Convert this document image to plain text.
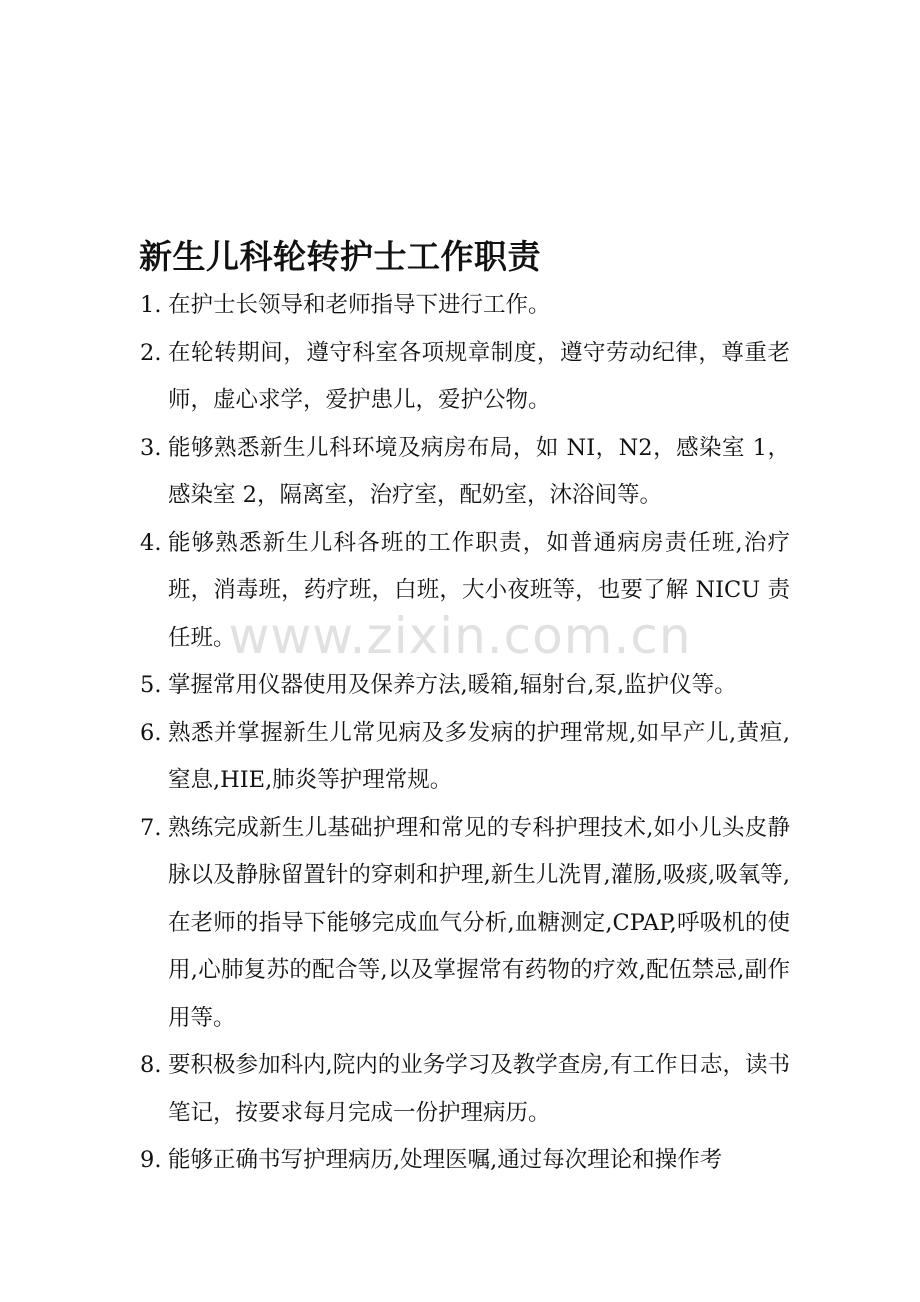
新生儿科轮转护士工作职责
1. 在护士长领导和老师指导下进行工作。
2. 在轮转期间，遵守科室各项规章制度，遵守劳动纪律，尊重老师，虚心求学，爱护患儿，爱护公物。
3. 能够熟悉新生儿科环境及病房布局，如 NI，N2，感染室 1，感染室 2，隔离室，治疗室，配奶室，沐浴间等。
4. 能够熟悉新生儿科各班的工作职责，如普通病房责任班,治疗班，消毒班，药疗班，白班，大小夜班等，也要了解 NICU 责任班。
5. 掌握常用仪器使用及保养方法,暖箱,辐射台,泵,监护仪等。
6. 熟悉并掌握新生儿常见病及多发病的护理常规,如早产儿,黄疸,窒息,HIE,肺炎等护理常规。
7. 熟练完成新生儿基础护理和常见的专科护理技术,如小儿头皮静脉以及静脉留置针的穿刺和护理,新生儿洗胃,灌肠,吸痰,吸氧等,在老师的指导下能够完成血气分析,血糖测定,CPAP,呼吸机的使用,心肺复苏的配合等,以及掌握常有药物的疗效,配伍禁忌,副作用等。
8. 要积极参加科内,院内的业务学习及教学查房,有工作日志，读书笔记，按要求每月完成一份护理病历。
9. 能够正确书写护理病历,处理医嘱,通过每次理论和操作考
www.zixin.com.cn
